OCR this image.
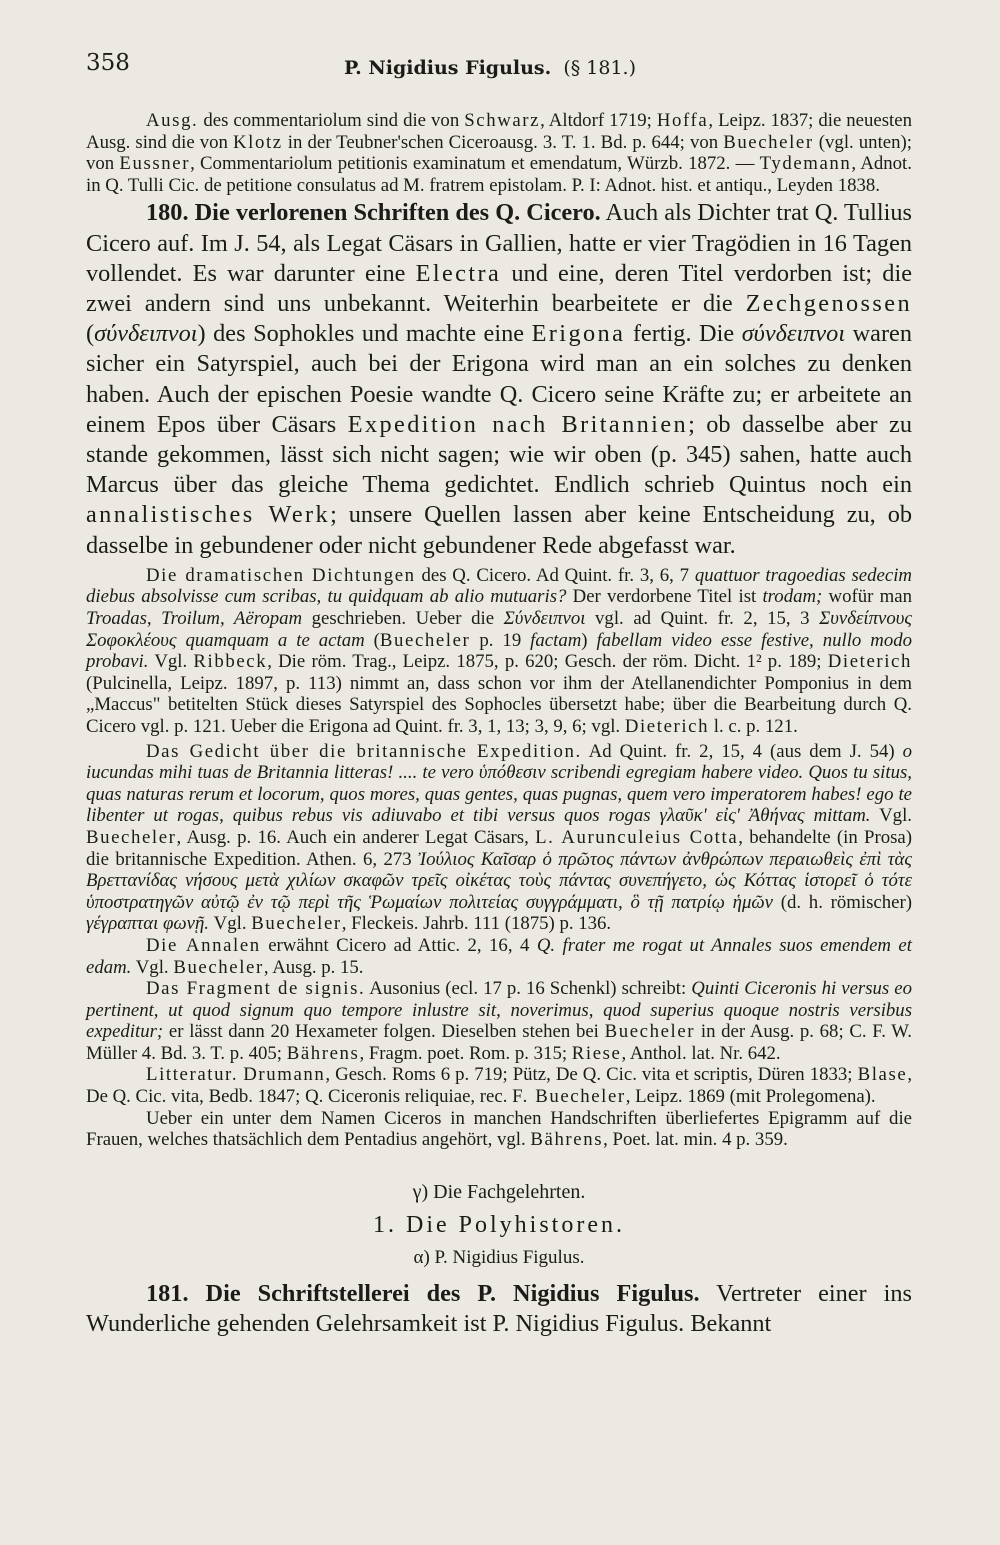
358	P. Nigidius Figulus. (§ 181.)

Ausg. des commentariolum sind die von Schwarz, Altdorf 1719; Hoffa, Leipz. 1837; die neuesten Ausg. sind die von Klotz in der Teubner'schen Ciceroausg. 3. T. 1. Bd. p. 644; von Buecheler (vgl. unten); von Eussner, Commentariolum petitionis examinatum et emendatum, Würzb. 1872. — Tydemann, Adnot. in Q. Tulli Cic. de petitione consulatus ad M. fratrem epistolam. P. I: Adnot. hist. et antiqu., Leyden 1838.

180. Die verlorenen Schriften des Q. Cicero. Auch als Dichter trat Q. Tullius Cicero auf. Im J. 54, als Legat Cäsars in Gallien, hatte er vier Tragödien in 16 Tagen vollendet. Es war darunter eine Electra und eine, deren Titel verdorben ist; die zwei andern sind uns unbekannt. Weiterhin bearbeitete er die Zechgenossen (σύνδειπνοι) des Sophokles und machte eine Erigona fertig. Die σύνδειπνοι waren sicher ein Satyrspiel, auch bei der Erigona wird man an ein solches zu denken haben. Auch der epischen Poesie wandte Q. Cicero seine Kräfte zu; er arbeitete an einem Epos über Cäsars Expedition nach Britannien; ob dasselbe aber zu stande gekommen, lässt sich nicht sagen; wie wir oben (p. 345) sahen, hatte auch Marcus über das gleiche Thema gedichtet. Endlich schrieb Quintus noch ein annalistisches Werk; unsere Quellen lassen aber keine Entscheidung zu, ob dasselbe in gebundener oder nicht gebundener Rede abgefasst war.

Die dramatischen Dichtungen des Q. Cicero. Ad Quint. fr. 3, 6, 7 quattuor tragoedias sedecim diebus absolvisse cum scribas, tu quidquam ab alio mutuaris? Der verdorbene Titel ist trodam; wofür man Troadas, Troilum, Aëropam geschrieben. Ueber die Σύνδειπνοι vgl. ad Quint. fr. 2, 15, 3 Συνδείπνους Σοφοκλέους quamquam a te actam (Buecheler p. 19 factam) fabellam video esse festive, nullo modo probavi. Vgl. Ribbeck, Die röm. Trag., Leipz. 1875, p. 620; Gesch. der röm. Dicht. 1² p. 189; Dieterich (Pulcinella, Leipz. 1897, p. 113) nimmt an, dass schon vor ihm der Atellanendichter Pomponius in dem „Maccus" betitelten Stück dieses Satyrspiel des Sophocles übersetzt habe; über die Bearbeitung durch Q. Cicero vgl. p. 121. Ueber die Erigona ad Quint. fr. 3, 1, 13; 3, 9, 6; vgl. Dieterich l. c. p. 121.

Das Gedicht über die britannische Expedition. Ad Quint. fr. 2, 15, 4 (aus dem J. 54) o iucundas mihi tuas de Britannia litteras! .... te vero ὑπόθεσιν scribendi egregiam habere video. Quos tu situs, quas naturas rerum et locorum, quos mores, quas gentes, quas pugnas, quem vero imperatorem habes! ego te libenter ut rogas, quibus rebus vis adiuvabo et tibi versus quos rogas γλαῦκ' εἰς' Ἀθήνας mittam. Vgl. Buecheler, Ausg. p. 16. Auch ein anderer Legat Cäsars, L. Aurunculeius Cotta, behandelte (in Prosa) die britannische Expedition. Athen. 6, 273 Ἰούλιος Καῖσαρ ὁ πρῶτος πάντων ἀνθρώπων περαιωθεὶς ἐπὶ τὰς Βρεττανίδας νήσους μετὰ χιλίων σκαφῶν τρεῖς οἰκέτας τοὺς πάντας συνεπήγετο, ὡς Κόττας ἱστορεῖ ὁ τότε ὑποστρατηγῶν αὐτῷ ἐν τῷ περὶ τῆς Ῥωμαίων πολιτείας συγγράμματι, ὃ τῇ πατρίῳ ἡμῶν (d. h. römischer) γέγραπται φωνῇ. Vgl. Buecheler, Fleckeis. Jahrb. 111 (1875) p. 136.

Die Annalen erwähnt Cicero ad Attic. 2, 16, 4 Q. frater me rogat ut Annales suos emendem et edam. Vgl. Buecheler, Ausg. p. 15.

Das Fragment de signis. Ausonius (ecl. 17 p. 16 Schenkl) schreibt: Quinti Ciceronis hi versus eo pertinent, ut quod signum quo tempore inlustre sit, noverimus, quod superius quoque nostris versibus expeditur; er lässt dann 20 Hexameter folgen. Dieselben stehen bei Buecheler in der Ausg. p. 68; C. F. W. Müller 4. Bd. 3. T. p. 405; Bährens, Fragm. poet. Rom. p. 315; Riese, Anthol. lat. Nr. 642.

Litteratur. Drumann, Gesch. Roms 6 p. 719; Pütz, De Q. Cic. vita et scriptis, Düren 1833; Blase, De Q. Cic. vita, Bedb. 1847; Q. Ciceronis reliquiae, rec. F. Buecheler, Leipz. 1869 (mit Prolegomena).

Ueber ein unter dem Namen Ciceros in manchen Handschriften überliefertes Epigramm auf die Frauen, welches thatsächlich dem Pentadius angehört, vgl. Bährens, Poet. lat. min. 4 p. 359.

γ) Die Fachgelehrten.
1. Die Polyhistoren.
α) P. Nigidius Figulus.

181. Die Schriftstellerei des P. Nigidius Figulus. Vertreter einer ins Wunderliche gehenden Gelehrsamkeit ist P. Nigidius Figulus. Bekannt
